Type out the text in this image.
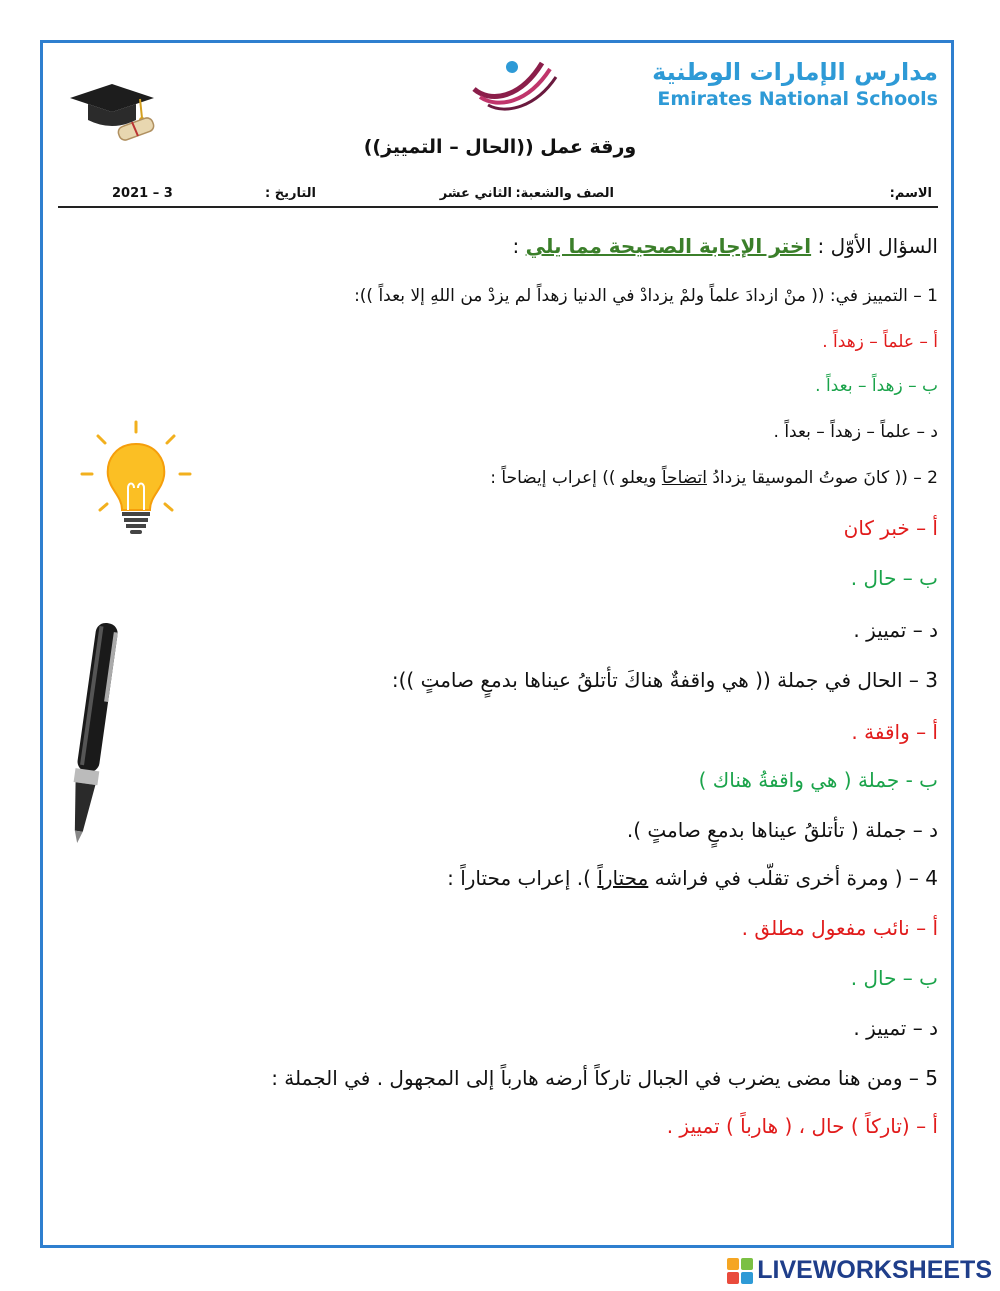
مدارس الإمارات الوطنية
Emirates National Schools
ورقة عمل ((الحال – التمييز))
الاسم:
الصف والشعبة:
الثاني عشر
التاريخ :
2021 – 3
السؤال الأوّل : اختر الإجابة الصحيحة مما يلي :
1 – التمييز في: (( منْ ازدادَ علماً ولمْ يزدادْ في الدنيا زهداً لم يزدْ من اللهِ إلا بعداً )):
أ – علماً – زهداً .
ب – زهداً – بعداً .
د – علماً – زهداً – بعداً .
2 – (( كانَ صوتُ الموسيقا يزدادُ اتضاحاً ويعلو )) إعراب إيضاحاً :
أ – خبر كان
ب – حال .
د – تمييز .
3 – الحال في جملة (( هي واقفةٌ هناكَ تأتلقُ عيناها بدمعٍ صامتٍ )):
أ – واقفة .
ب - جملة ( هي واقفةُ هناك )
د – جملة ( تأتلقُ عيناها بدمعٍ صامتٍ ).
4 – ( ومرة أخرى تقلّب في فراشه محتاراً ). إعراب محتاراً :
أ – نائب مفعول مطلق .
ب – حال .
د – تمييز .
5 – ومن هنا مضى يضرب في الجبال تاركاً أرضه هارباً إلى المجهول . في الجملة :
أ – (تاركاً ) حال ، ( هارباً ) تمييز .
LIVEWORKSHEETS
